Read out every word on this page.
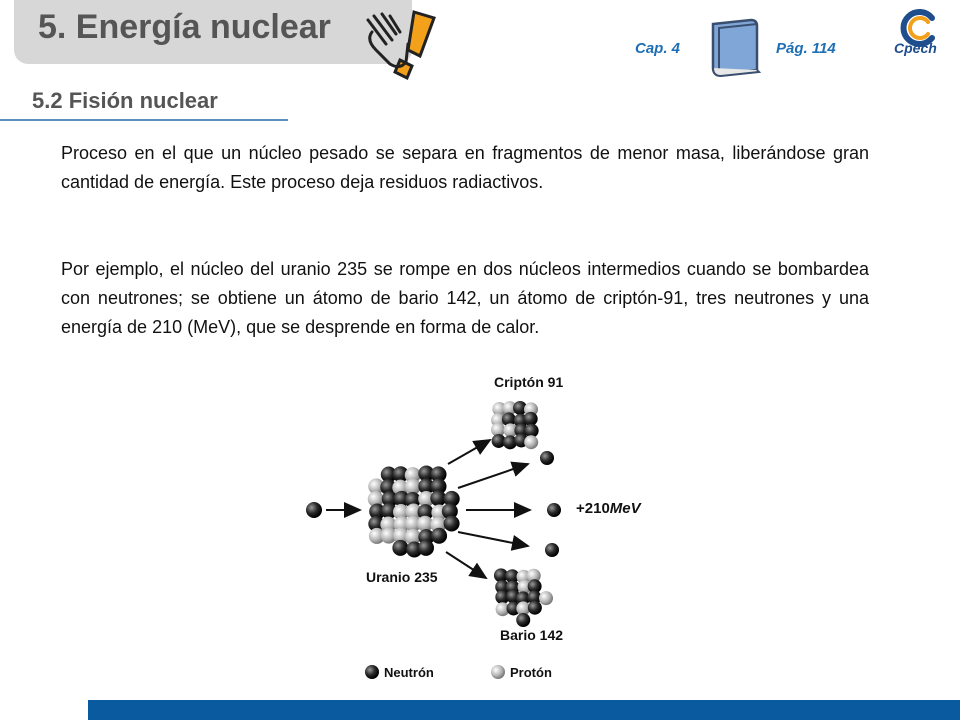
5. Energía nuclear
Cap. 4	Pág. 114	Cpech
5.2 Fisión nuclear

Proceso en el que un núcleo pesado se separa en fragmentos de menor masa, liberándose gran cantidad de energía. Este proceso deja residuos radiactivos.

Por ejemplo, el núcleo del uranio 235 se rompe en dos núcleos intermedios cuando se bombardea con neutrones; se obtiene un átomo de bario 142, un átomo de criptón-91, tres neutrones y una energía de 210 (MeV), que se desprende en forma de calor.

Criptón 91
Uranio 235
Bario 142
+210MeV
Neutrón	Protón
